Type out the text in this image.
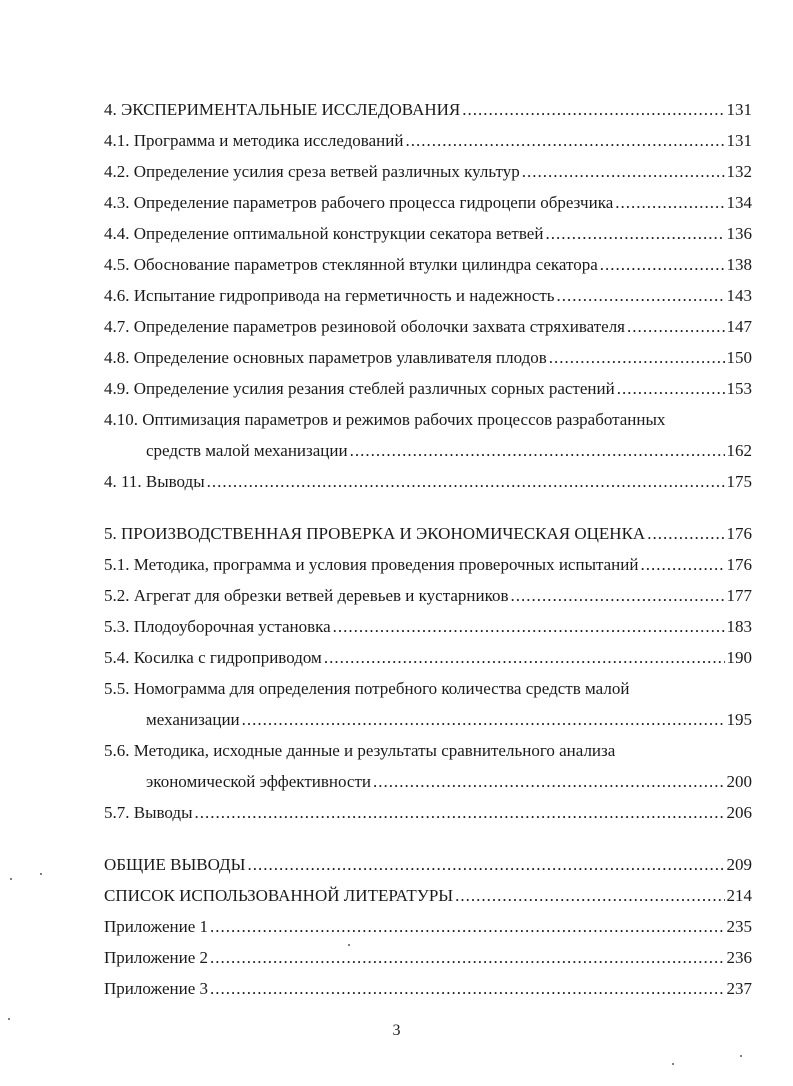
4. ЭКСПЕРИМЕНТАЛЬНЫЕ ИССЛЕДОВАНИЯ .....	131
4.1. Программа и методика исследований .....	131
4.2. Определение усилия среза ветвей различных культур .....	132
4.3. Определение параметров рабочего процесса гидроцепи обрезчика .....	134
4.4. Определение оптимальной конструкции секатора ветвей .....	136
4.5. Обоснование параметров стеклянной втулки цилиндра секатора .....	138
4.6. Испытание гидропривода на герметичность и надежность .....	143
4.7. Определение параметров резиновой оболочки захвата стряхивателя .....	147
4.8. Определение основных параметров улавливателя плодов .....	150
4.9. Определение усилия резания стеблей различных сорных растений .....	153
4.10. Оптимизация параметров и режимов рабочих процессов разработанных
средств малой механизации .....	162
4. 11. Выводы .....	175
5. ПРОИЗВОДСТВЕННАЯ ПРОВЕРКА И ЭКОНОМИЧЕСКАЯ ОЦЕНКА .....	176
5.1. Методика, программа и условия проведения проверочных испытаний .....	176
5.2. Агрегат для обрезки ветвей деревьев и кустарников .....	177
5.3. Плодоуборочная установка .....	183
5.4. Косилка с гидроприводом .....	190
5.5. Номограмма для определения потребного количества средств малой
механизации .....	195
5.6. Методика, исходные данные и результаты сравнительного анализа
экономической эффективности .....	200
5.7. Выводы .....	206
ОБЩИЕ ВЫВОДЫ .....	209
СПИСОК ИСПОЛЬЗОВАННОЙ ЛИТЕРАТУРЫ .....	214
Приложение 1 .....	235
Приложение 2 .....	236
Приложение 3 .....	237
3
